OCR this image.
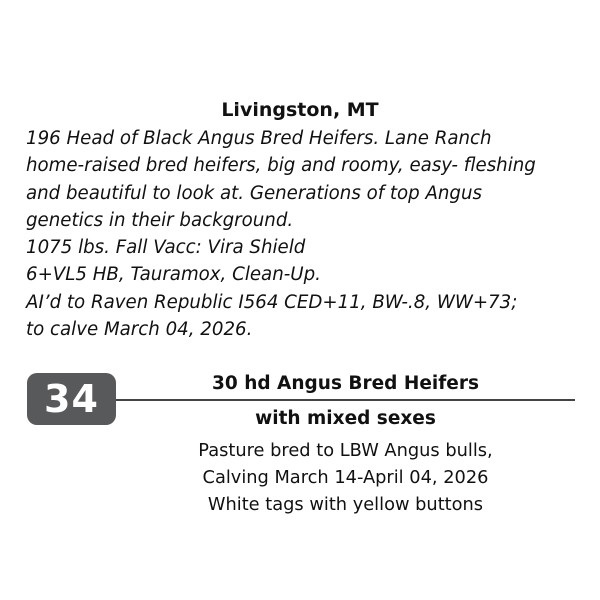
Livingston, MT
196 Head of Black Angus Bred Heifers. Lane Ranch
home-raised bred heifers, big and roomy, easy- fleshing
and beautiful to look at. Generations of top Angus
genetics in their background.
1075 lbs. Fall Vacc: Vira Shield
6+VL5 HB, Tauramox, Clean-Up.
AI’d to Raven Republic I564 CED+11, BW-.8, WW+73;
to calve March 04, 2026.
34	30 hd Angus Bred Heifers
with mixed sexes
Pasture bred to LBW Angus bulls,
Calving March 14-April 04, 2026
White tags with yellow buttons
